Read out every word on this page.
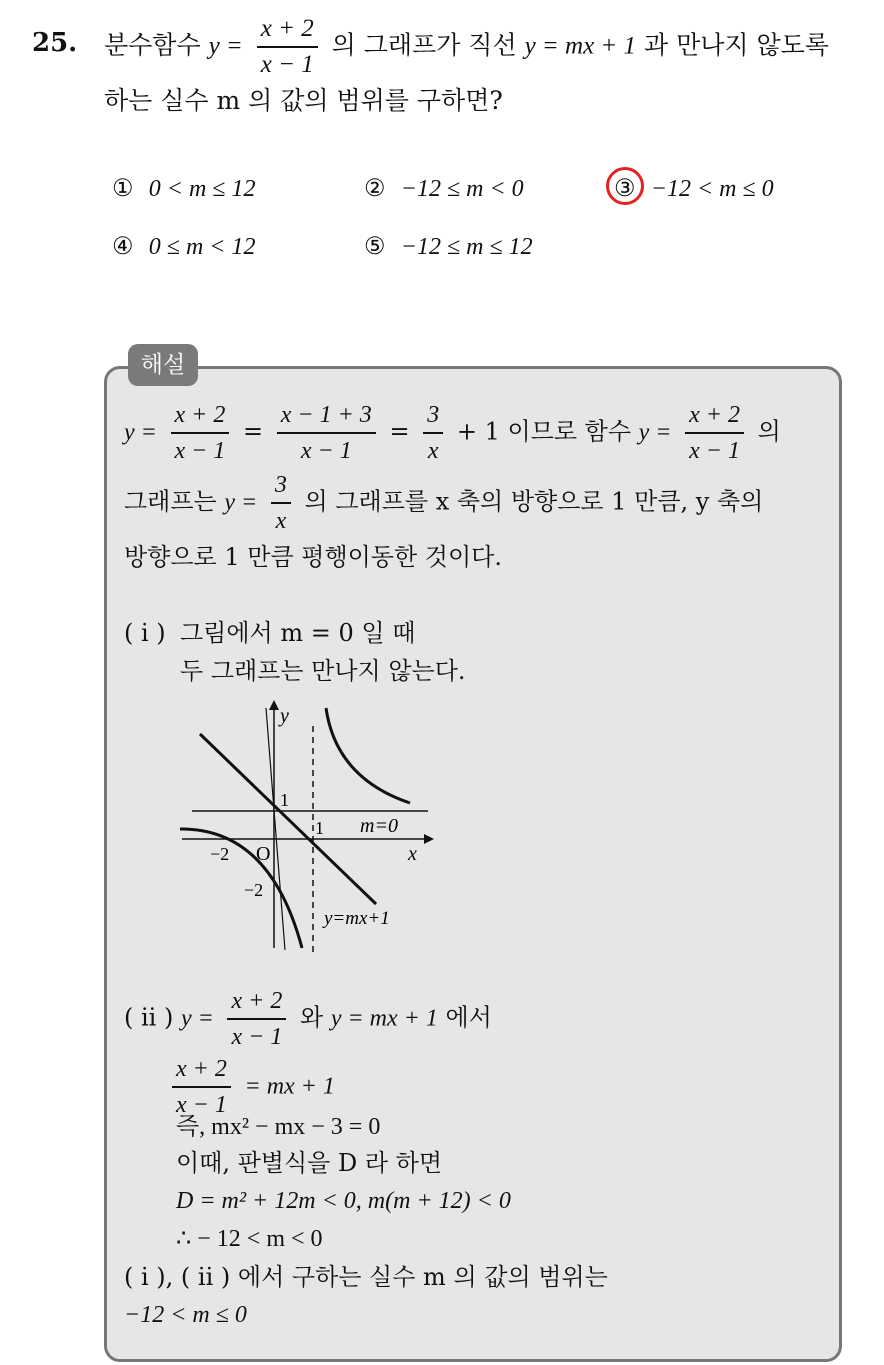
25. 분수함수 $y = \frac{x + 2}{x - 1}$ 의 그래프가 직선 y = mx + 1 과 만나지 않도록
하는 실수 m 의 값의 범위를 구하면?
① 0 < m ≤ 12	② −12 ≤ m < 0	③ −12 < m ≤ 0
④ 0 ≤ m < 12	⑤ −12 ≤ m ≤ 12
해설
$y = \frac{x + 2}{x - 1} = \frac{x - 1 + 3}{x - 1} = \frac{3}{x} + 1$ 이므로 함수 $y = \frac{x + 2}{x - 1}$ 의
그래프는 $y = \frac{3}{x}$ 의 그래프를 x 축의 방향으로 1 만큼, y 축의
방향으로 1 만큼 평행이동한 것이다.
( i ) 그림에서 m = 0 일 때
두 그래프는 만나지 않는다.
y
x
O
1
1
−2
−2
m=0
y=mx+1
( ii ) $y = \frac{x + 2}{x - 1}$ 와 y = mx + 1 에서
$\frac{x + 2}{x - 1}$ = mx + 1
즉, mx² − mx − 3 = 0
이때, 판별식을 D 라 하면
D = m² + 12m < 0, m(m + 12) < 0
∴ − 12 < m < 0
( i ), ( ii ) 에서 구하는 실수 m 의 값의 범위는
−12 < m ≤ 0
